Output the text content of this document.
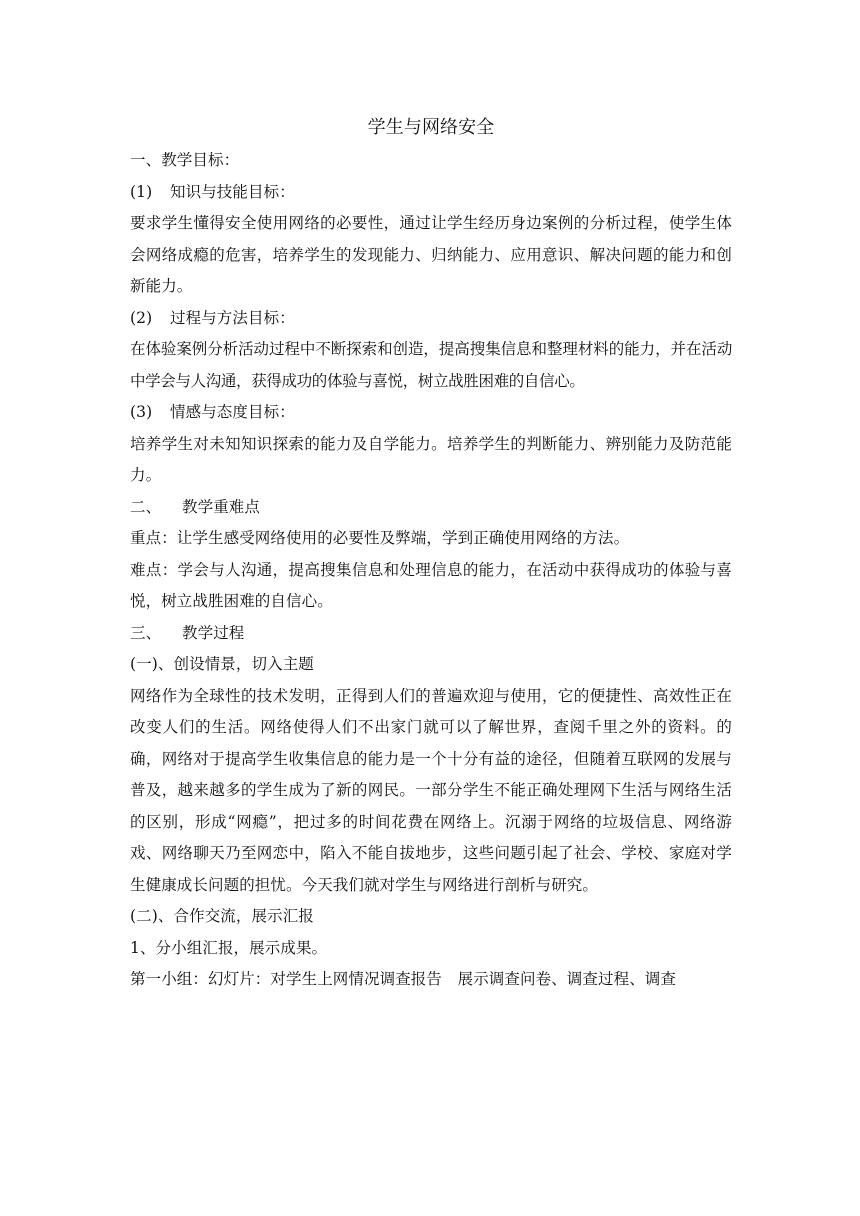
学生与网络安全
一、教学目标：
(1) 知识与技能目标：
要求学生懂得安全使用网络的必要性，通过让学生经历身边案例的分析过程，使学生体会网络成瘾的危害，培养学生的发现能力、归纳能力、应用意识、解决问题的能力和创新能力。
(2) 过程与方法目标：
在体验案例分析活动过程中不断探索和创造，提高搜集信息和整理材料的能力，并在活动中学会与人沟通，获得成功的体验与喜悦，树立战胜困难的自信心。
(3) 情感与态度目标：
培养学生对未知知识探索的能力及自学能力。培养学生的判断能力、辨别能力及防范能力。
二、 教学重难点
重点：让学生感受网络使用的必要性及弊端，学到正确使用网络的方法。
难点：学会与人沟通，提高搜集信息和处理信息的能力，在活动中获得成功的体验与喜悦，树立战胜困难的自信心。
三、 教学过程
(一)、创设情景，切入主题
网络作为全球性的技术发明，正得到人们的普遍欢迎与使用，它的便捷性、高效性正在改变人们的生活。网络使得人们不出家门就可以了解世界，查阅千里之外的资料。的确，网络对于提高学生收集信息的能力是一个十分有益的途径，但随着互联网的发展与普及，越来越多的学生成为了新的网民。一部分学生不能正确处理网下生活与网络生活的区别，形成“网瘾”，把过多的时间花费在网络上。沉溺于网络的垃圾信息、网络游戏、网络聊天乃至网恋中，陷入不能自拔地步，这些问题引起了社会、学校、家庭对学生健康成长问题的担忧。今天我们就对学生与网络进行剖析与研究。
(二)、合作交流，展示汇报
1、分小组汇报，展示成果。
第一小组：幻灯片：对学生上网情况调查报告　展示调查问卷、调查过程、调查
